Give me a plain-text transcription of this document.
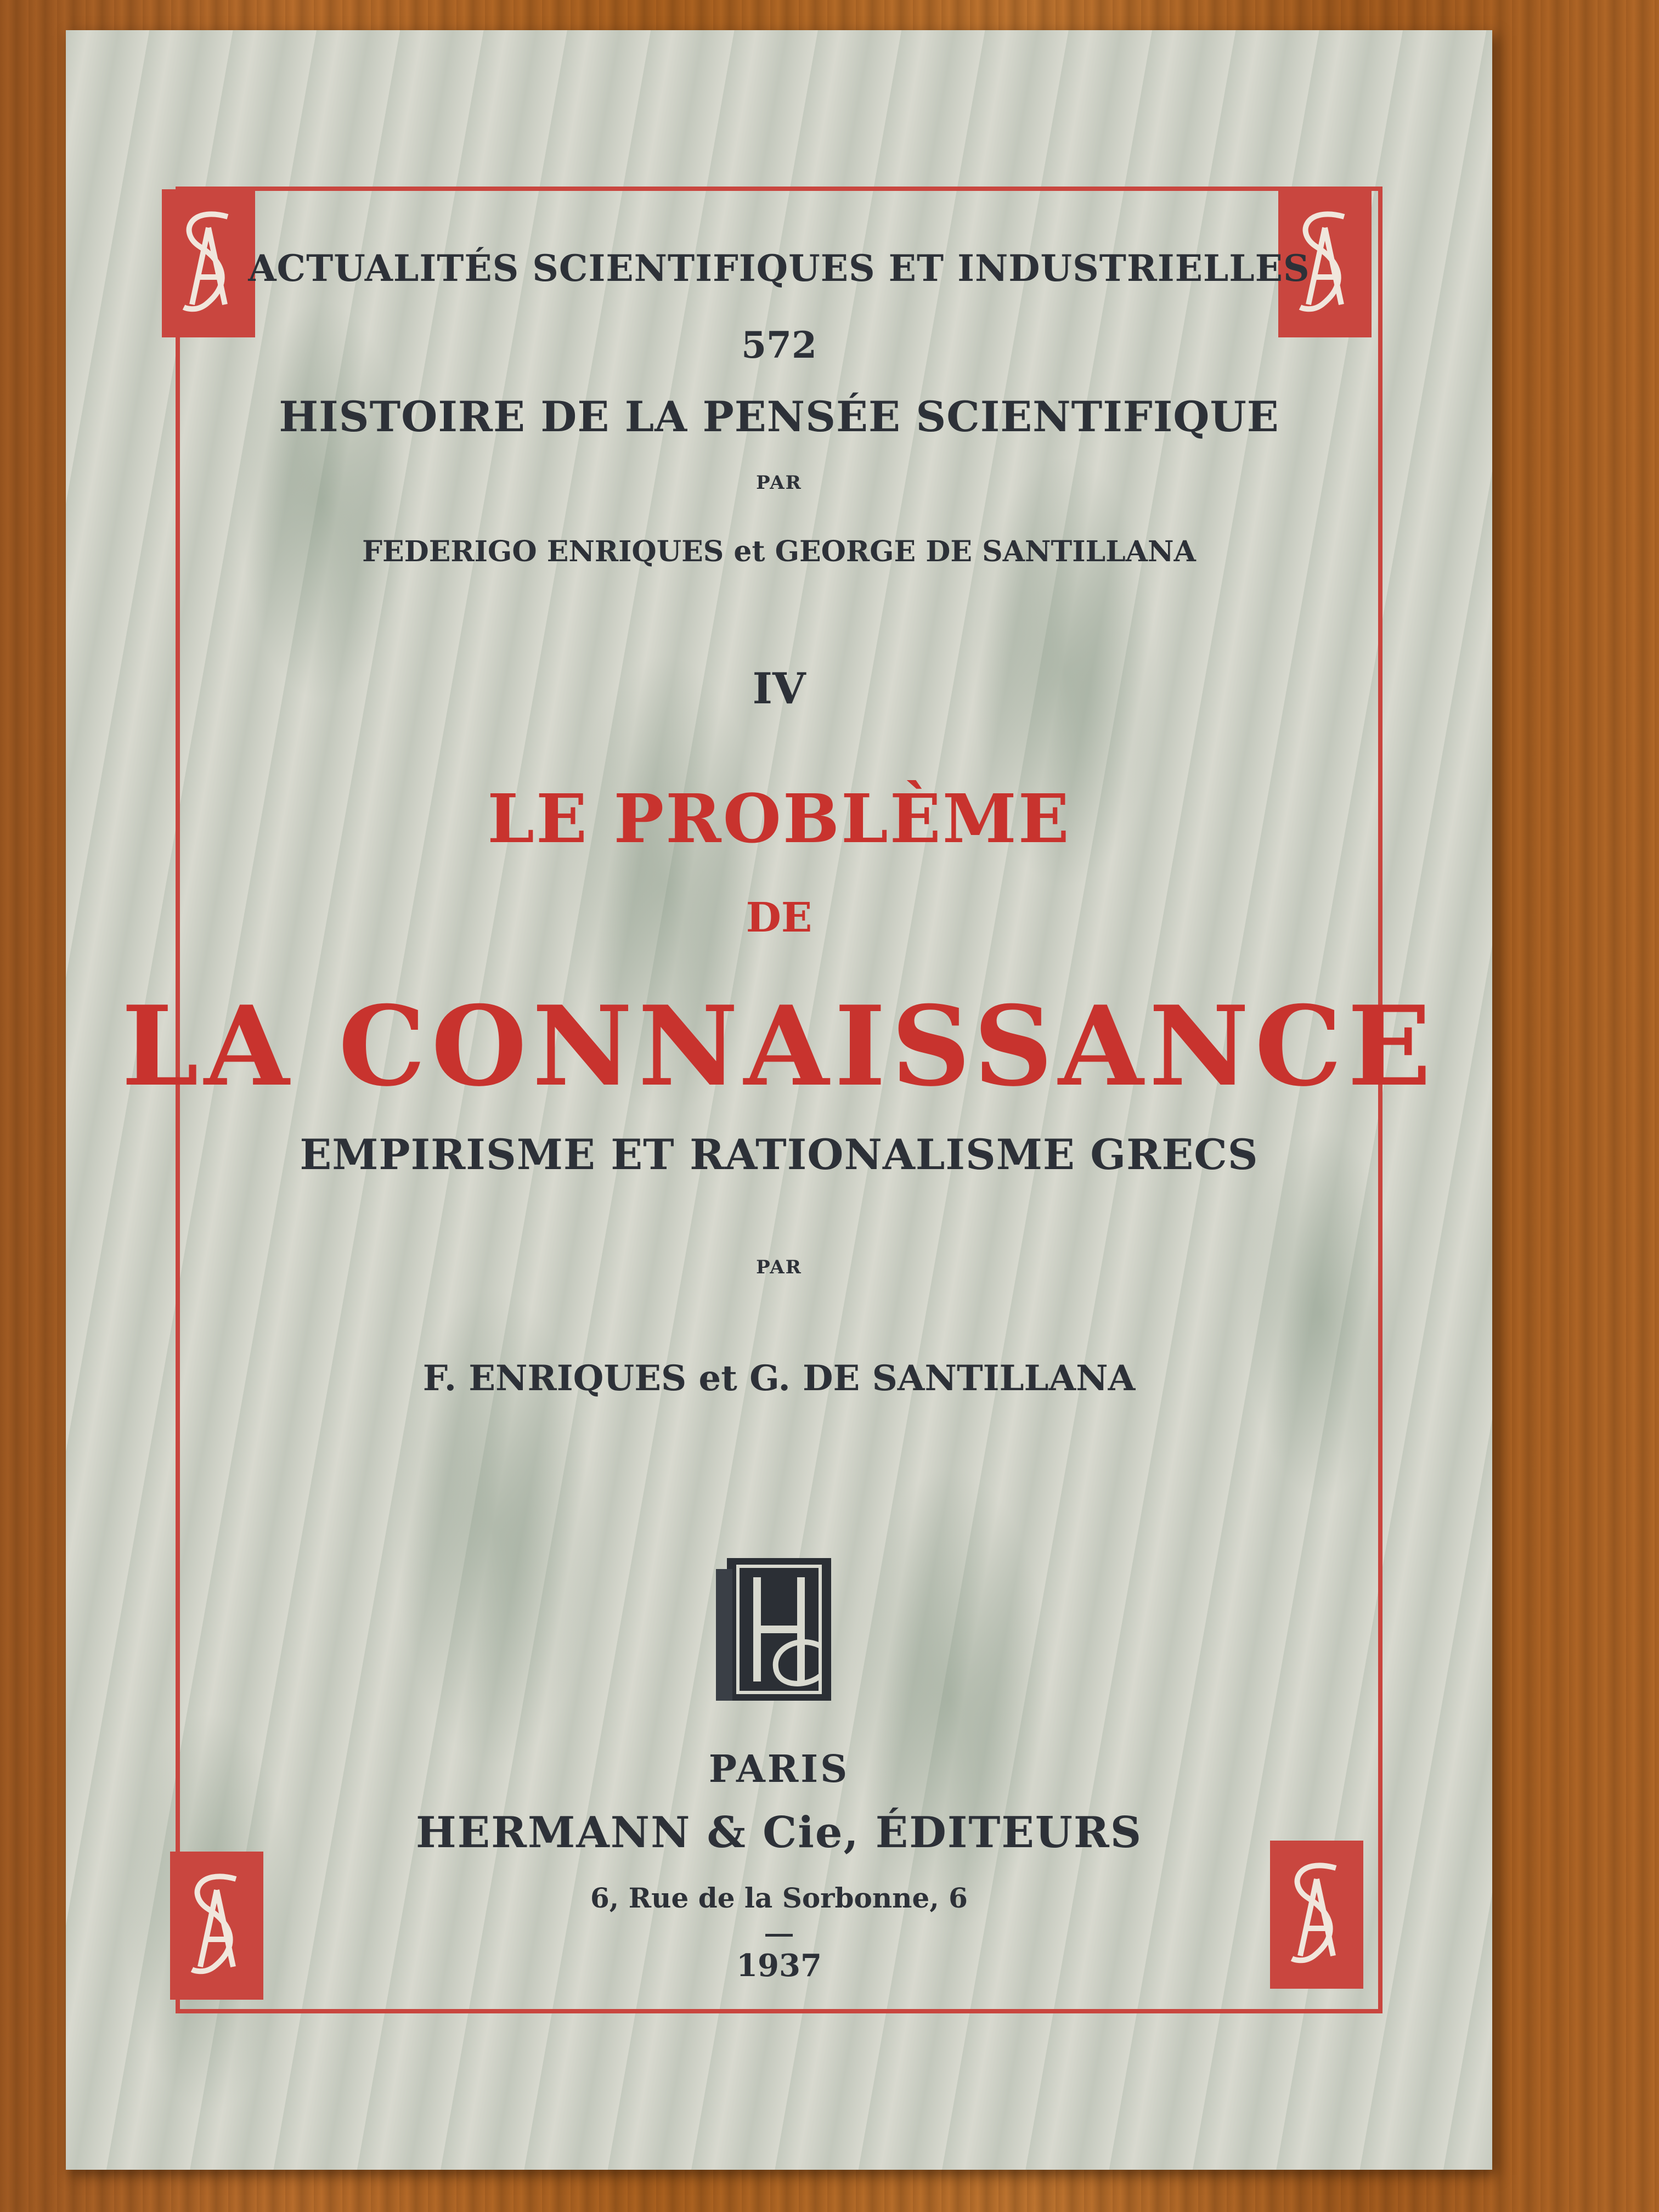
ACTUALITÉS SCIENTIFIQUES ET INDUSTRIELLES
572
HISTOIRE DE LA PENSÉE SCIENTIFIQUE
PAR
FEDERIGO ENRIQUES et GEORGE DE SANTILLANA
IV
LE PROBLÈME
DE
LA CONNAISSANCE
EMPIRISME ET RATIONALISME GRECS
PAR
F. ENRIQUES et G. DE SANTILLANA
PARIS
HERMANN & Cie, ÉDITEURS
6, Rue de la Sorbonne, 6
1937
